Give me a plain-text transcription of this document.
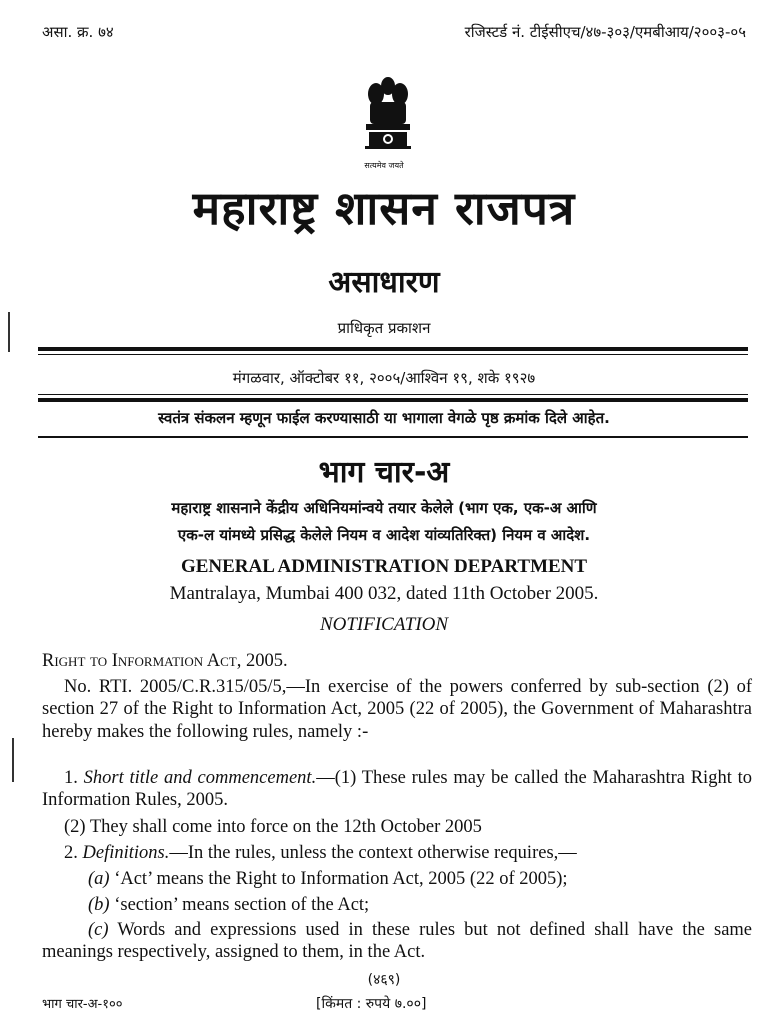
असा. क्र. ७४	रजिस्टर्ड नं. टीईसीएच/४७-३०३/एमबीआय/२००३-०५
सत्यमेव जयते
महाराष्ट्र शासन राजपत्र
असाधारण
प्राधिकृत प्रकाशन
मंगळवार, ऑक्टोबर ११, २००५/आश्विन १९, शके १९२७
स्वतंत्र संकलन म्हणून फाईल करण्यासाठी या भागाला वेगळे पृष्ठ क्रमांक दिले आहेत.
भाग चार-अ
महाराष्ट्र शासनाने केंद्रीय अधिनियमांन्वये तयार केलेले (भाग एक, एक-अ आणि
एक-ल यांमध्ये प्रसिद्ध केलेले नियम व आदेश यांव्यतिरिक्त) नियम व आदेश.
GENERAL ADMINISTRATION DEPARTMENT
Mantralaya, Mumbai 400 032, dated 11th October 2005.
NOTIFICATION
Right to Information Act, 2005.
No. RTI. 2005/C.R.315/05/5,—In exercise of the powers conferred by sub-section (2) of section 27 of the Right to Information Act, 2005 (22 of 2005), the Government of Maharashtra hereby makes the following rules, namely :-
1. Short title and commencement.—(1) These rules may be called the Maharashtra Right to Information Rules, 2005.
(2) They shall come into force on the 12th October 2005
2. Definitions.—In the rules, unless the context otherwise requires,—
(a) ‘Act’ means the Right to Information Act, 2005 (22 of 2005);
(b) ‘section’ means section of the Act;
(c) Words and expressions used in these rules but not defined shall have the same meanings respectively, assigned to them, in the Act.
(४६९)
भाग चार-अ-१००	[किंमत : रुपये ७.००]
